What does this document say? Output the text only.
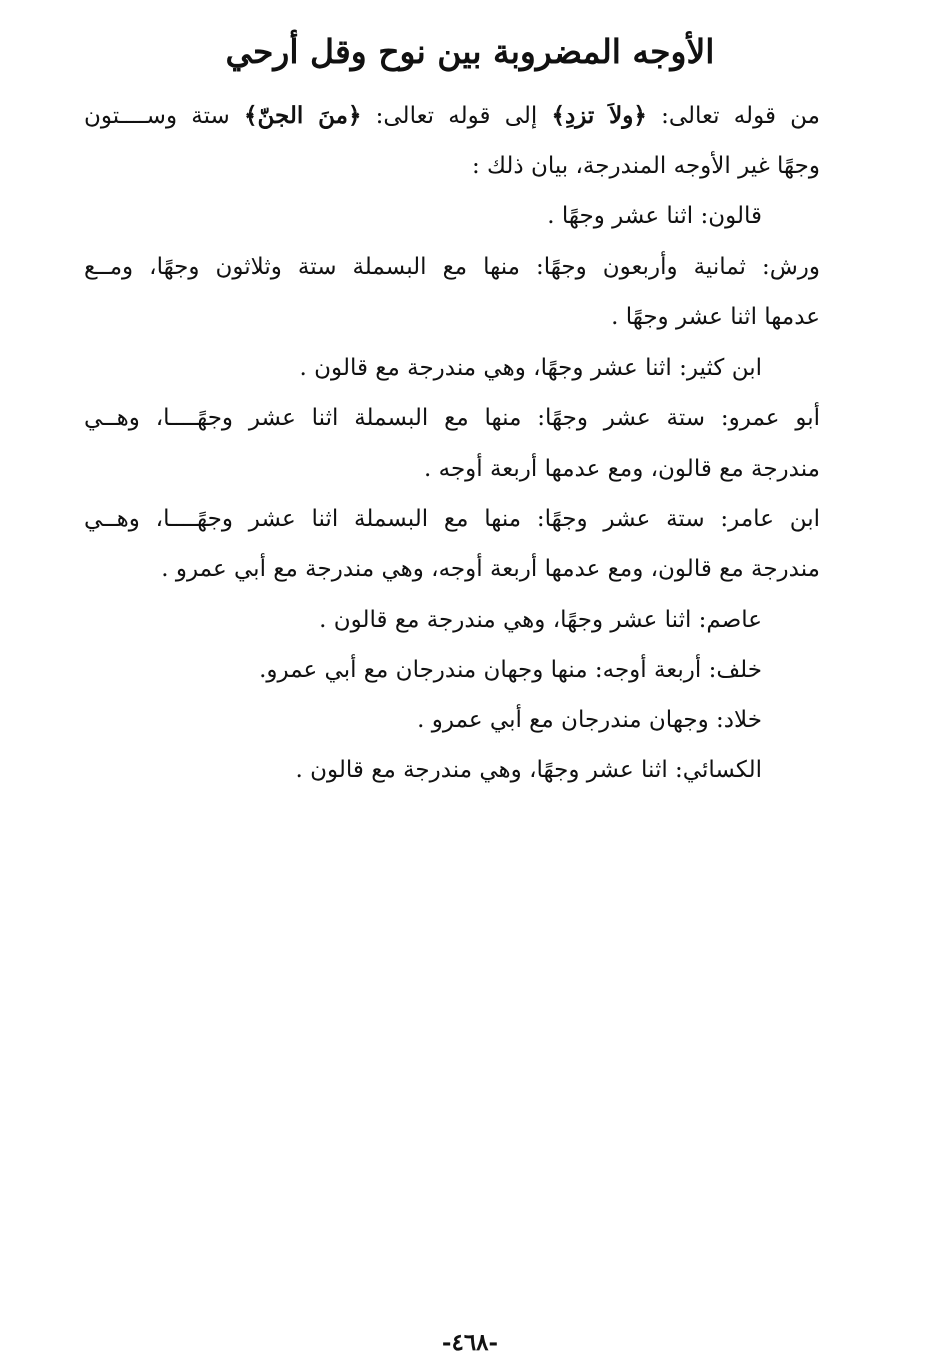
الأوجه المضروبة بين نوح وقل أرحي
من قوله تعالى: ﴿ولاَ تزدِ﴾ إلى قوله تعالى: ﴿منَ الجنّ﴾ ستة وســــتون
وجهًا غير الأوجه المندرجة، بيان ذلك :
قالون: اثنا عشر وجهًا .
ورش: ثمانية وأربعون وجهًا: منها مع البسملة ستة وثلاثون وجهًا، ومــع
عدمها اثنا عشر وجهًا .
ابن كثير: اثنا عشر وجهًا، وهي مندرجة مع قالون .
أبو عمرو: ستة عشر وجهًا: منها مع البسملة اثنا عشر وجهًــــا، وهــي
مندرجة مع قالون، ومع عدمها أربعة أوجه .
ابن عامر: ستة عشر وجهًا: منها مع البسملة اثنا عشر وجهًــــا، وهــي
مندرجة مع قالون، ومع عدمها أربعة أوجه، وهي مندرجة مع أبي عمرو .
عاصم: اثنا عشر وجهًا، وهي مندرجة مع قالون .
خلف: أربعة أوجه: منها وجهان مندرجان مع أبي عمرو.
خلاد: وجهان مندرجان مع أبي عمرو .
الكسائي: اثنا عشر وجهًا، وهي مندرجة مع قالون .
-٤٦٨-
